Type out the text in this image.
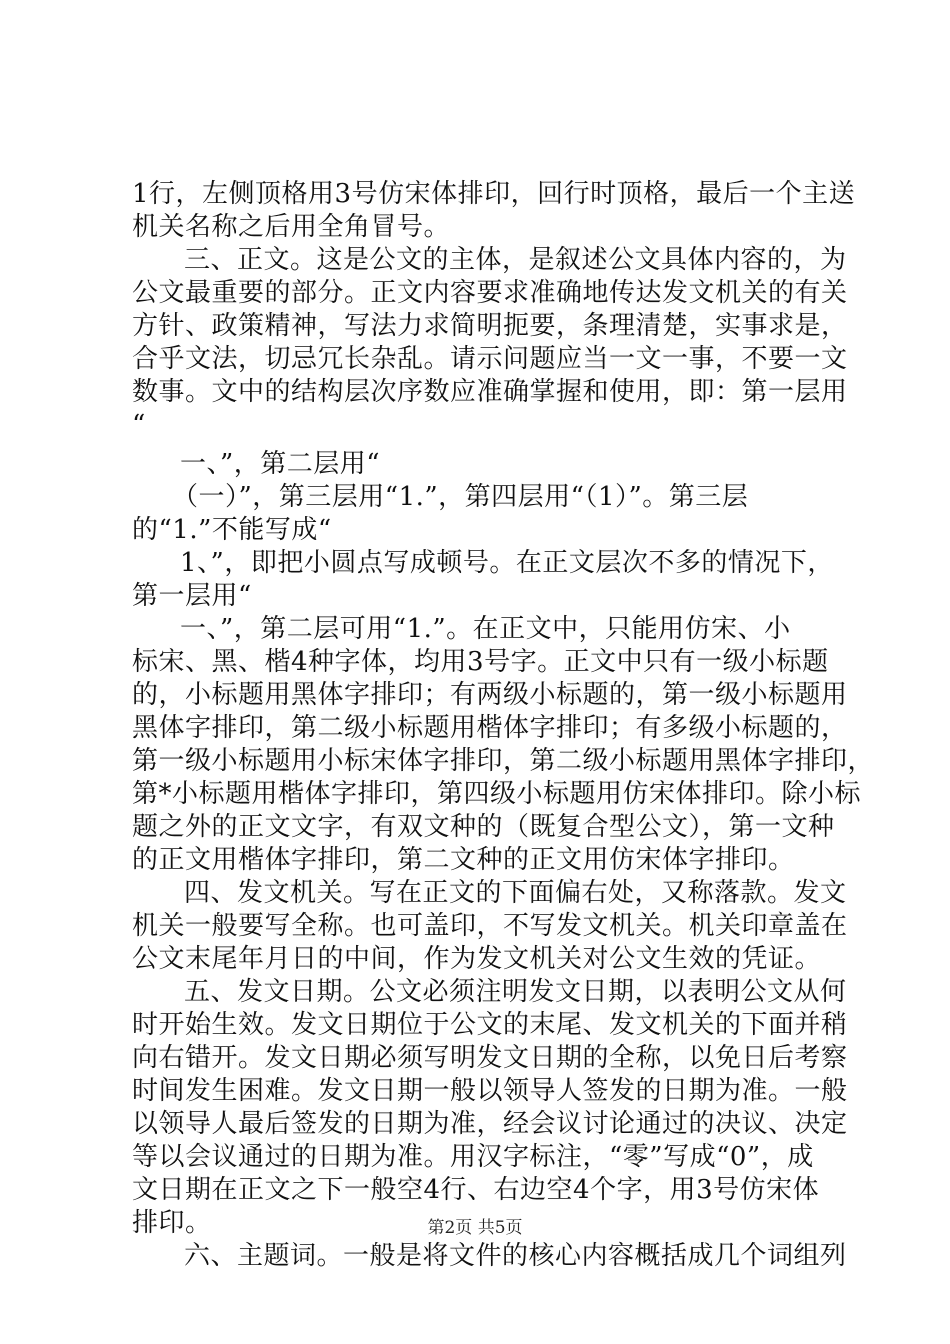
1行，左侧顶格用3号仿宋体排印，回行时顶格，最后一个主送
机关名称之后用全角冒号。
三、正文。这是公文的主体，是叙述公文具体内容的，为
公文最重要的部分。正文内容要求准确地传达发文机关的有关
方针、政策精神，写法力求简明扼要，条理清楚，实事求是，
合乎文法，切忌冗长杂乱。请示问题应当一文一事，不要一文
数事。文中的结构层次序数应准确掌握和使用，即：第一层用
“
一、”，第二层用“
（一）”，第三层用“1.”，第四层用“（1）”。第三层
的“1.”不能写成“
1、”，即把小圆点写成顿号。在正文层次不多的情况下，
第一层用“
一、”，第二层可用“1.”。在正文中，只能用仿宋、小
标宋、黑、楷4种字体，均用3号字。正文中只有一级小标题
的，小标题用黑体字排印；有两级小标题的，第一级小标题用
黑体字排印，第二级小标题用楷体字排印；有多级小标题的，
第一级小标题用小标宋体字排印，第二级小标题用黑体字排印，
第*小标题用楷体字排印，第四级小标题用仿宋体排印。除小标
题之外的正文文字，有双文种的（既复合型公文），第一文种
的正文用楷体字排印，第二文种的正文用仿宋体字排印。
四、发文机关。写在正文的下面偏右处，又称落款。发文
机关一般要写全称。也可盖印，不写发文机关。机关印章盖在
公文末尾年月日的中间，作为发文机关对公文生效的凭证。
五、发文日期。公文必须注明发文日期，以表明公文从何
时开始生效。发文日期位于公文的末尾、发文机关的下面并稍
向右错开。发文日期必须写明发文日期的全称，以免日后考察
时间发生困难。发文日期一般以领导人签发的日期为准。一般
以领导人最后签发的日期为准，经会议讨论通过的决议、决定
等以会议通过的日期为准。用汉字标注，“零”写成“0”，成
文日期在正文之下一般空4行、右边空4个字，用3号仿宋体
排印。
六、主题词。一般是将文件的核心内容概括成几个词组列
第2页 共5页
